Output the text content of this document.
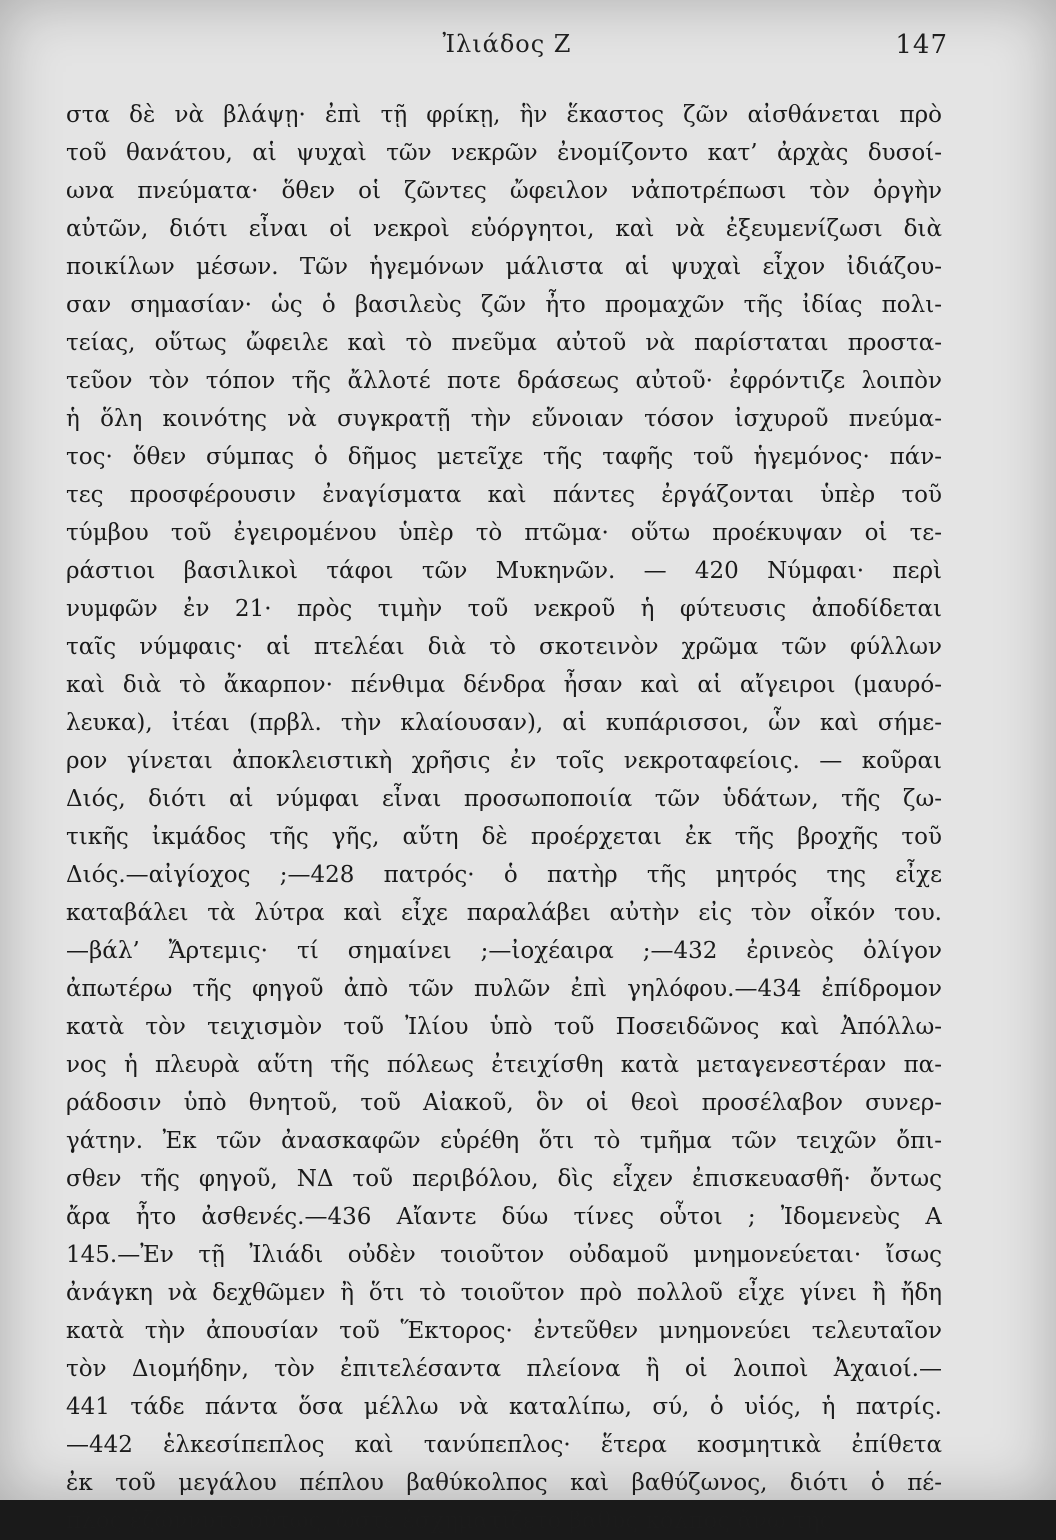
Ἰλιάδος Ζ	147
στα δὲ νὰ βλάψῃ· ἐπὶ τῇ φρίκῃ, ἣν ἕκαστος ζῶν αἰσθάνεται πρὸ
τοῦ θανάτου, αἱ ψυχαὶ τῶν νεκρῶν ἐνομίζοντο κατ’ ἀρχὰς δυσοί-
ωνα πνεύματα· ὅθεν οἱ ζῶντες ὤφειλον νἀποτρέπωσι τὸν ὀργὴν
αὐτῶν, διότι εἶναι οἱ νεκροὶ εὐόργητοι, καὶ νὰ ἐξευμενίζωσι διὰ
ποικίλων μέσων. Τῶν ἡγεμόνων μάλιστα αἱ ψυχαὶ εἶχον ἰδιάζου-
σαν σημασίαν· ὡς ὁ βασιλεὺς ζῶν ἦτο προμαχῶν τῆς ἰδίας πολι-
τείας, οὕτως ὤφειλε καὶ τὸ πνεῦμα αὐτοῦ νὰ παρίσταται προστα-
τεῦον τὸν τόπον τῆς ἄλλοτέ ποτε δράσεως αὐτοῦ· ἐφρόντιζε λοιπὸν
ἡ ὅλη κοινότης νὰ συγκρατῇ τὴν εὔνοιαν τόσον ἰσχυροῦ πνεύμα-
τος· ὅθεν σύμπας ὁ δῆμος μετεῖχε τῆς ταφῆς τοῦ ἡγεμόνος· πάν-
τες προσφέρουσιν ἐναγίσματα καὶ πάντες ἐργάζονται ὑπὲρ τοῦ
τύμβου τοῦ ἐγειρομένου ὑπὲρ τὸ πτῶμα· οὕτω προέκυψαν οἱ τε-
ράστιοι βασιλικοὶ τάφοι τῶν Μυκηνῶν. — 420 Νύμφαι· περὶ
νυμφῶν ἐν 21· πρὸς τιμὴν τοῦ νεκροῦ ἡ φύτευσις ἀποδίδεται
ταῖς νύμφαις· αἱ πτελέαι διὰ τὸ σκοτεινὸν χρῶμα τῶν φύλλων
καὶ διὰ τὸ ἄκαρπον· πένθιμα δένδρα ἦσαν καὶ αἱ αἴγειροι (μαυρό-
λευκα), ἰτέαι (πρβλ. τὴν κλαίουσαν), αἱ κυπάρισσοι, ὧν καὶ σήμε-
ρον γίνεται ἀποκλειστικὴ χρῆσις ἐν τοῖς νεκροταφείοις. — κοῦραι
Διός, διότι αἱ νύμφαι εἶναι προσωποποιία τῶν ὑδάτων, τῆς ζω-
τικῆς ἰκμάδος τῆς γῆς, αὕτη δὲ προέρχεται ἐκ τῆς βροχῆς τοῦ
Διός.—αἰγίοχος ;—428 πατρός· ὁ πατὴρ τῆς μητρός της εἶχε
καταβάλει τὰ λύτρα καὶ εἶχε παραλάβει αὐτὴν εἰς τὸν οἶκόν του.
—βάλ’ Ἄρτεμις· τί σημαίνει ;—ἰοχέαιρα ;—432 ἐρινεὸς ὀλίγον
ἀπωτέρω τῆς φηγοῦ ἀπὸ τῶν πυλῶν ἐπὶ γηλόφου.—434 ἐπίδρομον
κατὰ τὸν τειχισμὸν τοῦ Ἰλίου ὑπὸ τοῦ Ποσειδῶνος καὶ Ἀπόλλω-
νος ἡ πλευρὰ αὕτη τῆς πόλεως ἐτειχίσθη κατὰ μεταγενεστέραν πα-
ράδοσιν ὑπὸ θνητοῦ, τοῦ Αἰακοῦ, ὃν οἱ θεοὶ προσέλαβον συνερ-
γάτην. Ἐκ τῶν ἀνασκαφῶν εὑρέθη ὅτι τὸ τμῆμα τῶν τειχῶν ὄπι-
σθεν τῆς φηγοῦ, ΝΔ τοῦ περιβόλου, δὶς εἶχεν ἐπισκευασθῆ· ὄντως
ἄρα ἦτο ἀσθενές.—436 Αἴαντε δύω τίνες οὗτοι ; Ἰδομενεὺς Α
145.—Ἐν τῇ Ἰλιάδι οὐδὲν τοιοῦτον οὐδαμοῦ μνημονεύεται· ἴσως
ἀνάγκη νὰ δεχθῶμεν ἢ ὅτι τὸ τοιοῦτον πρὸ πολλοῦ εἶχε γίνει ἢ ἤδη
κατὰ τὴν ἀπουσίαν τοῦ Ἕκτορος· ἐντεῦθεν μνημονεύει τελευταῖον
τὸν Διομήδην, τὸν ἐπιτελέσαντα πλείονα ἢ οἱ λοιποὶ Ἀχαιοί.—
441 τάδε πάντα ὅσα μέλλω νὰ καταλίπω, σύ, ὁ υἱός, ἡ πατρίς.
—442 ἑλκεσίπεπλος καὶ τανύπεπλος· ἕτερα κοσμητικὰ ἐπίθετα
ἐκ τοῦ μεγάλου πέπλου βαθύκολπος καὶ βαθύζωνος, διότι ὁ πέ-
πλος ἐζώννυτο οὕτως, ὥστε ἐσχηματίζετο βαθὺς κόλπος ἄνω τῆς
